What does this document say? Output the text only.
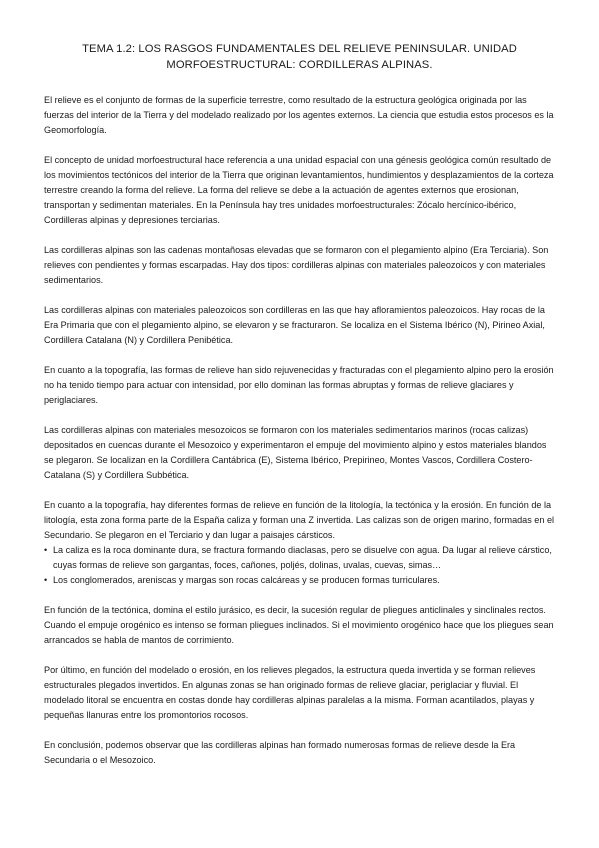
TEMA 1.2: LOS RASGOS FUNDAMENTALES DEL RELIEVE PENINSULAR. UNIDAD
MORFOESTRUCTURAL: CORDILLERAS ALPINAS.

El relieve es el conjunto de formas de la superficie terrestre, como resultado de la estructura geológica originada por las fuerzas del interior de la Tierra y del modelado realizado por los agentes externos. La ciencia que estudia estos procesos es la Geomorfología.

El concepto de unidad morfoestructural hace referencia a una unidad espacial con una génesis geológica común resultado de los movimientos tectónicos del interior de la Tierra que originan levantamientos, hundimientos y desplazamientos de la corteza terrestre creando la forma del relieve. La forma del relieve se debe a la actuación de agentes externos que erosionan, transportan y sedimentan materiales. En la Península hay tres unidades morfoestructurales: Zócalo hercínico-ibérico, Cordilleras alpinas y depresiones terciarias.

Las cordilleras alpinas son las cadenas montañosas elevadas que se formaron con el plegamiento alpino (Era Terciaria). Son relieves con pendientes y formas escarpadas. Hay dos tipos: cordilleras alpinas con materiales paleozoicos y con materiales sedimentarios.

Las cordilleras alpinas con materiales paleozoicos son cordilleras en las que hay afloramientos paleozoicos. Hay rocas de la Era Primaria que con el plegamiento alpino, se elevaron y se fracturaron. Se localiza en el Sistema Ibérico (N), Pirineo Axial, Cordillera Catalana (N) y Cordillera Penibética.

En cuanto a la topografía, las formas de relieve han sido rejuvenecidas y fracturadas con el plegamiento alpino pero la erosión no ha tenido tiempo para actuar con intensidad, por ello dominan las formas abruptas y formas de relieve glaciares y periglaciares.

Las cordilleras alpinas con materiales mesozoicos se formaron con los materiales sedimentarios marinos (rocas calizas) depositados en cuencas durante el Mesozoico y experimentaron el empuje del movimiento alpino y estos materiales blandos se plegaron. Se localizan en la Cordillera Cantábrica (E), Sistema Ibérico, Prepirineo, Montes Vascos, Cordillera Costero-Catalana (S) y Cordillera Subbética.

En cuanto a la topografía, hay diferentes formas de relieve en función de la litología, la tectónica y la erosión. En función de la litología, esta zona forma parte de la España caliza y forman una Z invertida. Las calizas son de origen marino, formadas en el Secundario. Se plegaron en el Terciario y dan lugar a paisajes cársticos.

• La caliza es la roca dominante dura, se fractura formando diaclasas, pero se disuelve con agua. Da lugar al relieve cárstico, cuyas formas de relieve son gargantas, foces, cañones, poljés, dolinas, uvalas, cuevas, simas…
• Los conglomerados, areniscas y margas son rocas calcáreas y se producen formas turriculares.

En función de la tectónica, domina el estilo jurásico, es decir, la sucesión regular de pliegues anticlinales y sinclinales rectos. Cuando el empuje orogénico es intenso se forman pliegues inclinados. Si el movimiento orogénico hace que los pliegues sean arrancados se habla de mantos de corrimiento.

Por último, en función del modelado o erosión, en los relieves plegados, la estructura queda invertida y se forman relieves estructurales plegados invertidos. En algunas zonas se han originado formas de relieve glaciar, periglaciar y fluvial. El modelado litoral se encuentra en costas donde hay cordilleras alpinas paralelas a la misma. Forman acantilados, playas y pequeñas llanuras entre los promontorios rocosos.

En conclusión, podemos observar que las cordilleras alpinas han formado numerosas formas de relieve desde la Era Secundaria o el Mesozoico.
